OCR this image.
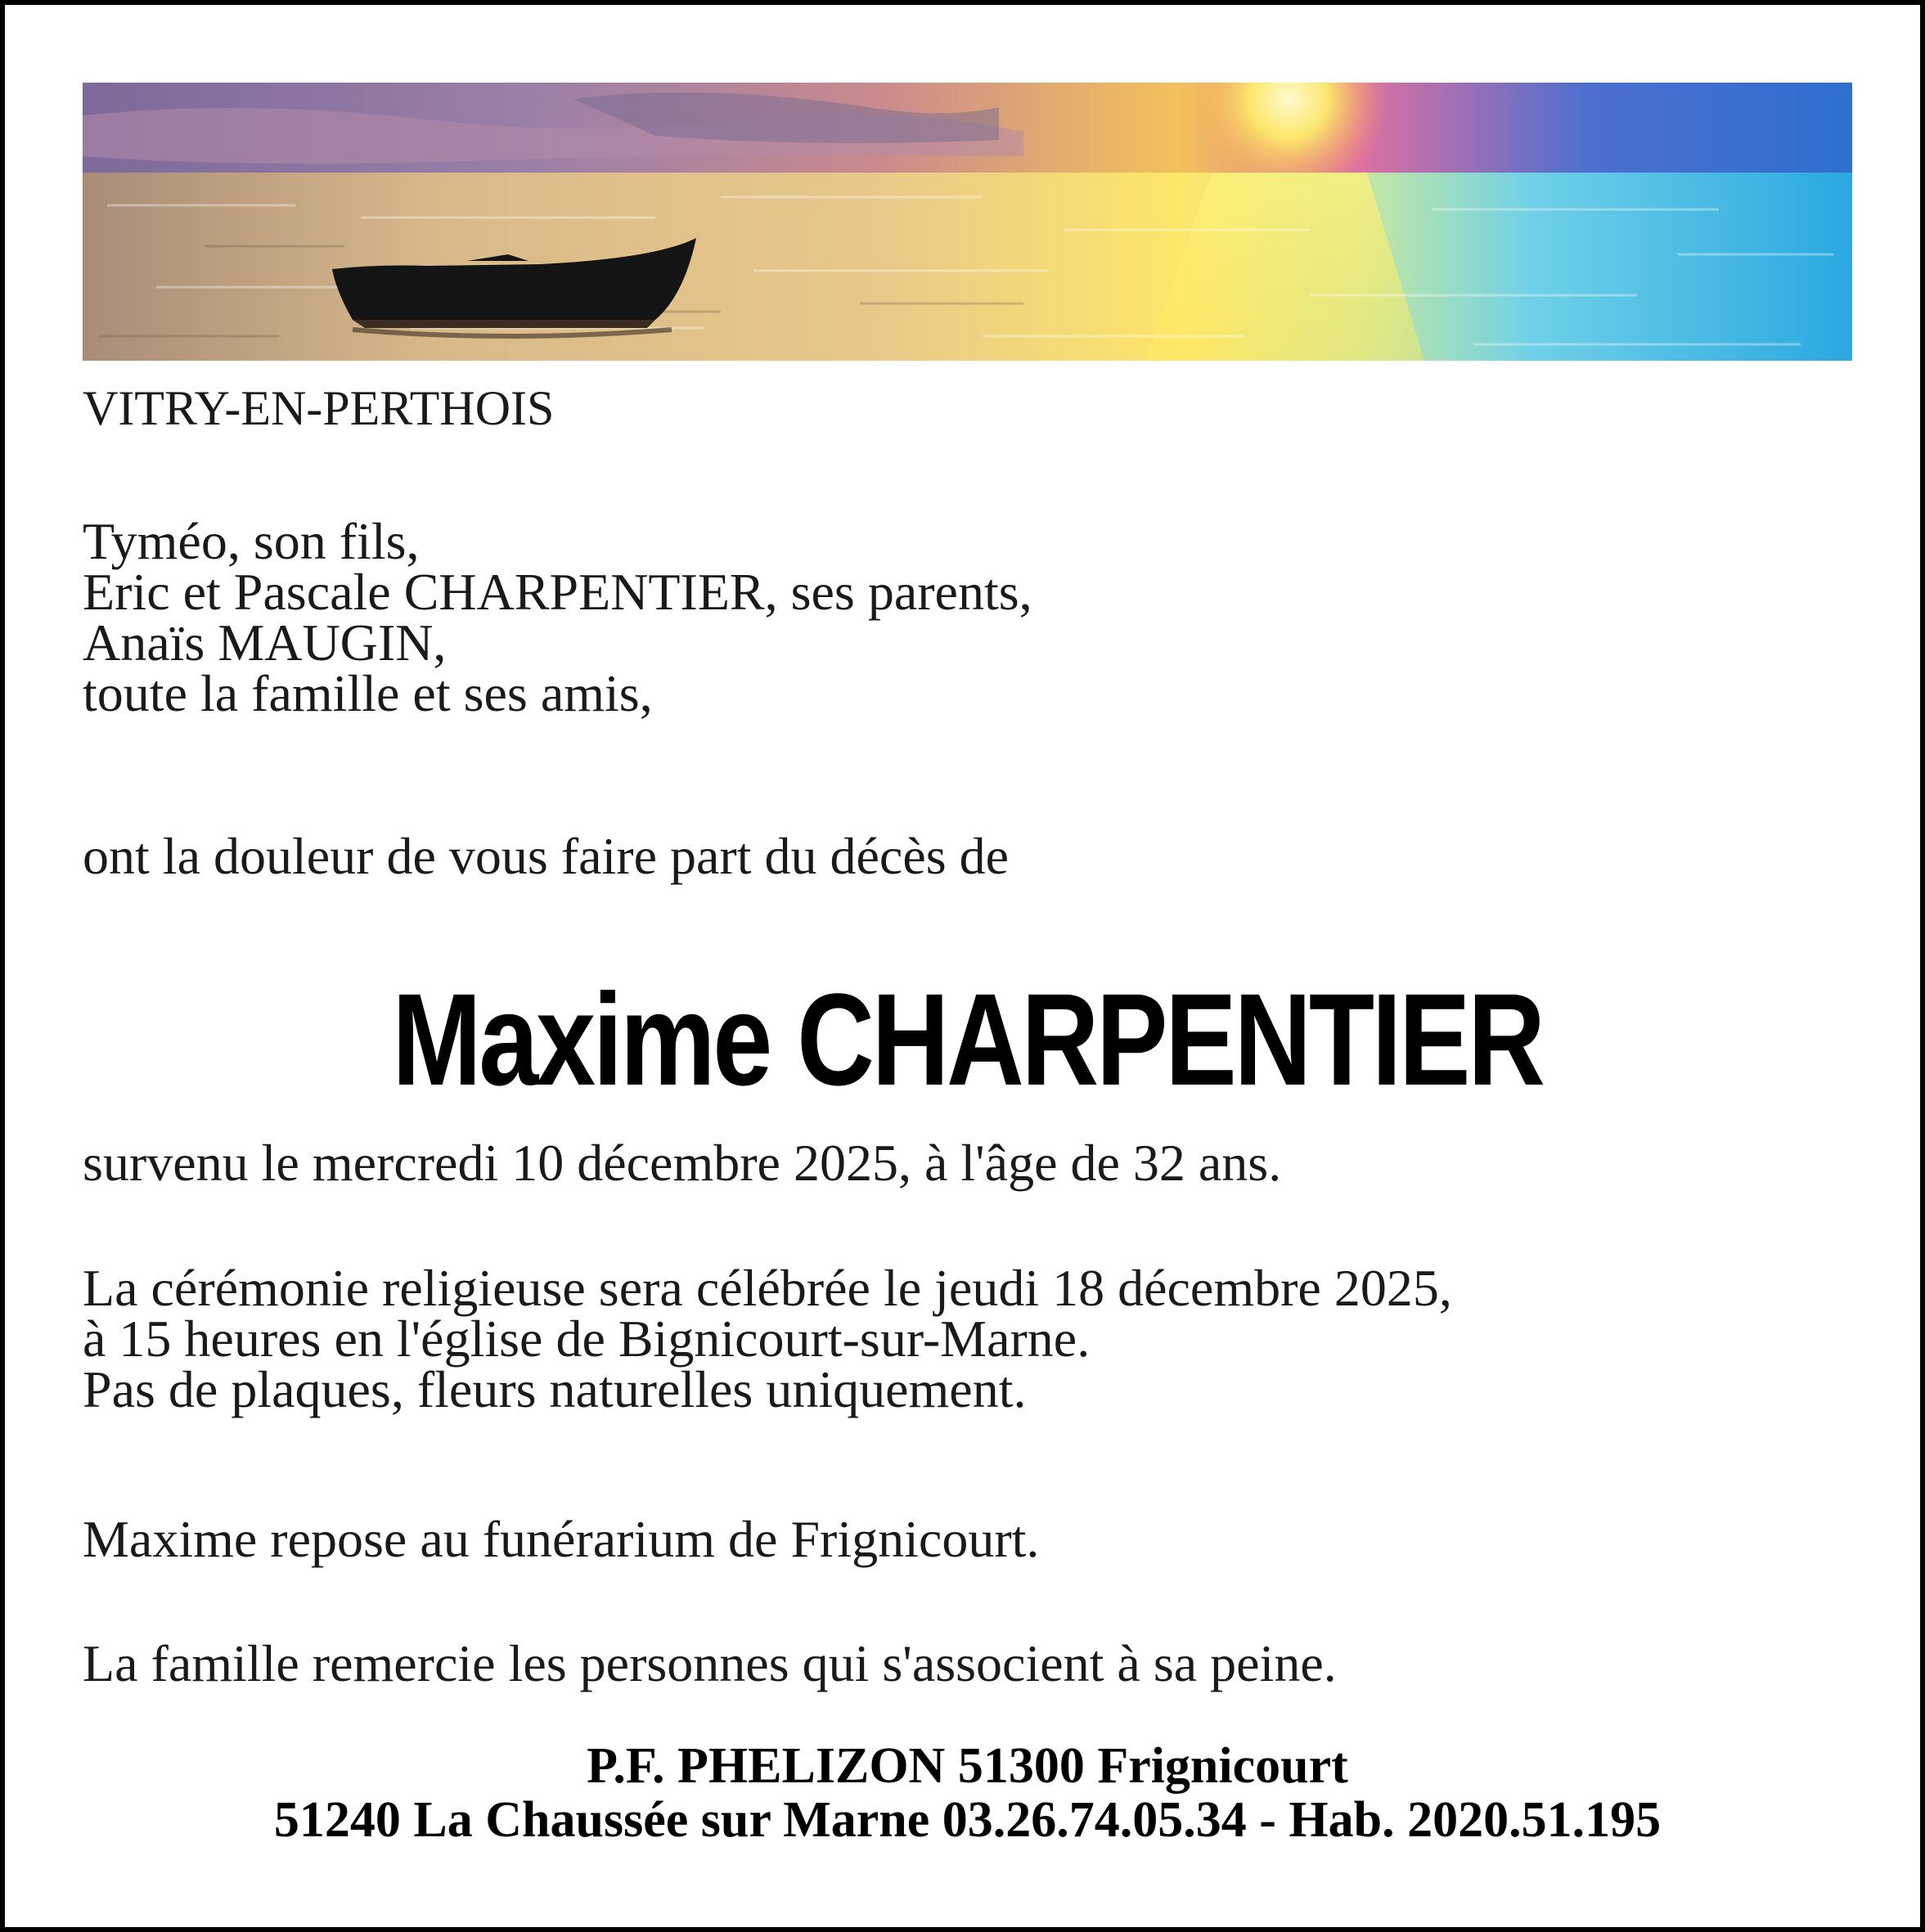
VITRY-EN-PERTHOIS

Tyméo, son fils,
Eric et Pascale CHARPENTIER, ses parents,
Anaïs MAUGIN,
toute la famille et ses amis,

ont la douleur de vous faire part du décès de

Maxime CHARPENTIER

survenu le mercredi 10 décembre 2025, à l'âge de 32 ans.

La cérémonie religieuse sera célébrée le jeudi 18 décembre 2025,
à 15 heures en l'église de Bignicourt-sur-Marne.
Pas de plaques, fleurs naturelles uniquement.

Maxime repose au funérarium de Frignicourt.

La famille remercie les personnes qui s'associent à sa peine.

P.F. PHELIZON 51300 Frignicourt
51240 La Chaussée sur Marne 03.26.74.05.34 - Hab. 2020.51.195
